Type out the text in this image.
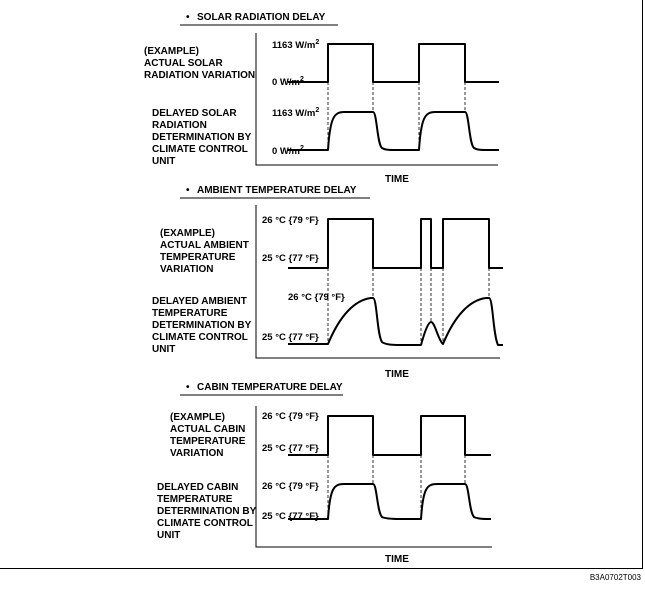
• SOLAR RADIATION DELAY
(EXAMPLE) ACTUAL SOLAR RADIATION VARIATION
1163 $W/m^2$
0 $W/m^2$
DELAYED SOLAR RADIATION DETERMINATION BY CLIMATE CONTROL UNIT
1163 $W/m^2$
0 $W/m^2$
TIME
• AMBIENT TEMPERATURE DELAY
(EXAMPLE) ACTUAL AMBIENT TEMPERATURE VARIATION
26 °C {79 °F}
25 °C {77 °F}
DELAYED AMBIENT TEMPERATURE DETERMINATION BY CLIMATE CONTROL UNIT
26 °C {79 °F}
25 °C {77 °F}
TIME
• CABIN TEMPERATURE DELAY
(EXAMPLE) ACTUAL CABIN TEMPERATURE VARIATION
26 °C {79 °F}
25 °C {77 °F}
DELAYED CABIN TEMPERATURE DETERMINATION BY CLIMATE CONTROL UNIT
26 °C {79 °F}
25 °C {77 °F}
TIME
B3A0702T003
